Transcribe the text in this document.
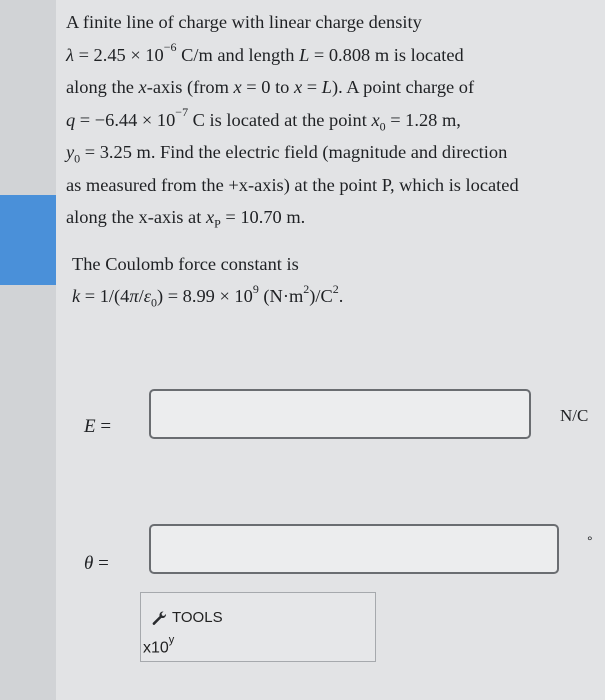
A finite line of charge with linear charge density
$\lambda = 2.45 \times 10^{-6}$ C/m and length L = 0.808 m is located
along the x-axis (from x = 0 to x = L). A point charge of
$q = -6.44 \times 10^{-7}$ C is located at the point $x_0 = 1.28$ m,
$y_0 = 3.25$ m. Find the electric field (magnitude and direction
as measured from the +x-axis) at the point P, which is located
along the x-axis at $x_P = 10.70$ m.
The Coulomb force constant is
$k = 1/(4\pi/\varepsilon_0) = 8.99 \times 10^9$ $(N\cdot m^2)/C^2$.
E =
N/C
θ =
°
TOOLS
x10$^y$
